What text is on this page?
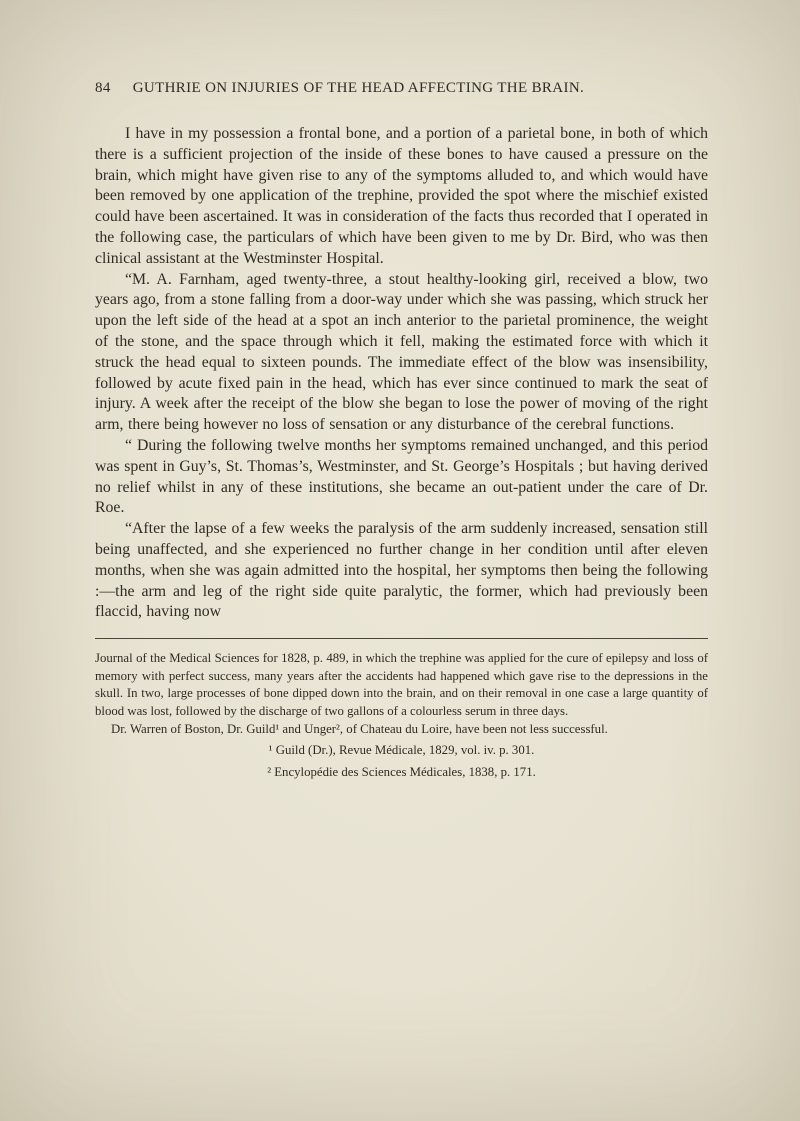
84 GUTHRIE ON INJURIES OF THE HEAD AFFECTING THE BRAIN.

I have in my possession a frontal bone, and a portion of a parietal bone, in both of which there is a sufficient projection of the inside of these bones to have caused a pressure on the brain, which might have given rise to any of the symptoms alluded to, and which would have been removed by one application of the trephine, provided the spot where the mischief existed could have been ascertained. It was in consideration of the facts thus recorded that I operated in the following case, the particulars of which have been given to me by Dr. Bird, who was then clinical assistant at the Westminster Hospital.

“M. A. Farnham, aged twenty-three, a stout healthy-looking girl, received a blow, two years ago, from a stone falling from a door-way under which she was passing, which struck her upon the left side of the head at a spot an inch anterior to the parietal prominence, the weight of the stone, and the space through which it fell, making the estimated force with which it struck the head equal to sixteen pounds. The immediate effect of the blow was insensibility, followed by acute fixed pain in the head, which has ever since continued to mark the seat of injury. A week after the receipt of the blow she began to lose the power of moving of the right arm, there being however no loss of sensation or any disturbance of the cerebral functions.

“ During the following twelve months her symptoms remained unchanged, and this period was spent in Guy’s, St. Thomas’s, Westminster, and St. George’s Hospitals ; but having derived no relief whilst in any of these institutions, she became an out-patient under the care of Dr. Roe.

“After the lapse of a few weeks the paralysis of the arm suddenly increased, sensation still being unaffected, and she experienced no further change in her condition until after eleven months, when she was again admitted into the hospital, her symptoms then being the following :—the arm and leg of the right side quite paralytic, the former, which had previously been flaccid, having now

Journal of the Medical Sciences for 1828, p. 489, in which the trephine was applied for the cure of epilepsy and loss of memory with perfect success, many years after the accidents had happened which gave rise to the depressions in the skull. In two, large processes of bone dipped down into the brain, and on their removal in one case a large quantity of blood was lost, followed by the discharge of two gallons of a colourless serum in three days.

Dr. Warren of Boston, Dr. Guild¹ and Unger², of Chateau du Loire, have been not less successful.

¹ Guild (Dr.), Revue Médicale, 1829, vol. iv. p. 301.

² Encylopédie des Sciences Médicales, 1838, p. 171.
